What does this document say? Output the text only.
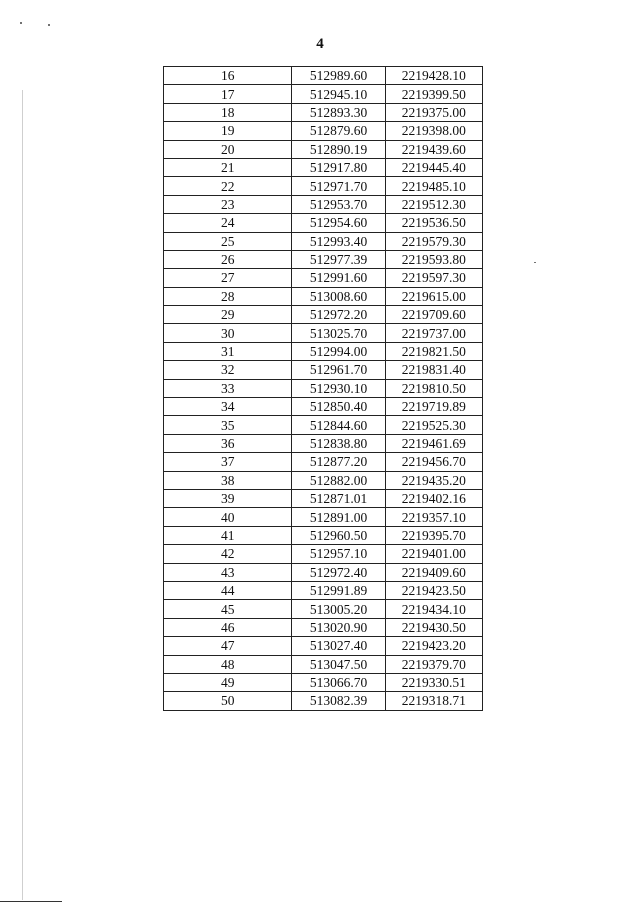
4
16	512989.60	2219428.10
17	512945.10	2219399.50
18	512893.30	2219375.00
19	512879.60	2219398.00
20	512890.19	2219439.60
21	512917.80	2219445.40
22	512971.70	2219485.10
23	512953.70	2219512.30
24	512954.60	2219536.50
25	512993.40	2219579.30
26	512977.39	2219593.80
27	512991.60	2219597.30
28	513008.60	2219615.00
29	512972.20	2219709.60
30	513025.70	2219737.00
31	512994.00	2219821.50
32	512961.70	2219831.40
33	512930.10	2219810.50
34	512850.40	2219719.89
35	512844.60	2219525.30
36	512838.80	2219461.69
37	512877.20	2219456.70
38	512882.00	2219435.20
39	512871.01	2219402.16
40	512891.00	2219357.10
41	512960.50	2219395.70
42	512957.10	2219401.00
43	512972.40	2219409.60
44	512991.89	2219423.50
45	513005.20	2219434.10
46	513020.90	2219430.50
47	513027.40	2219423.20
48	513047.50	2219379.70
49	513066.70	2219330.51
50	513082.39	2219318.71
